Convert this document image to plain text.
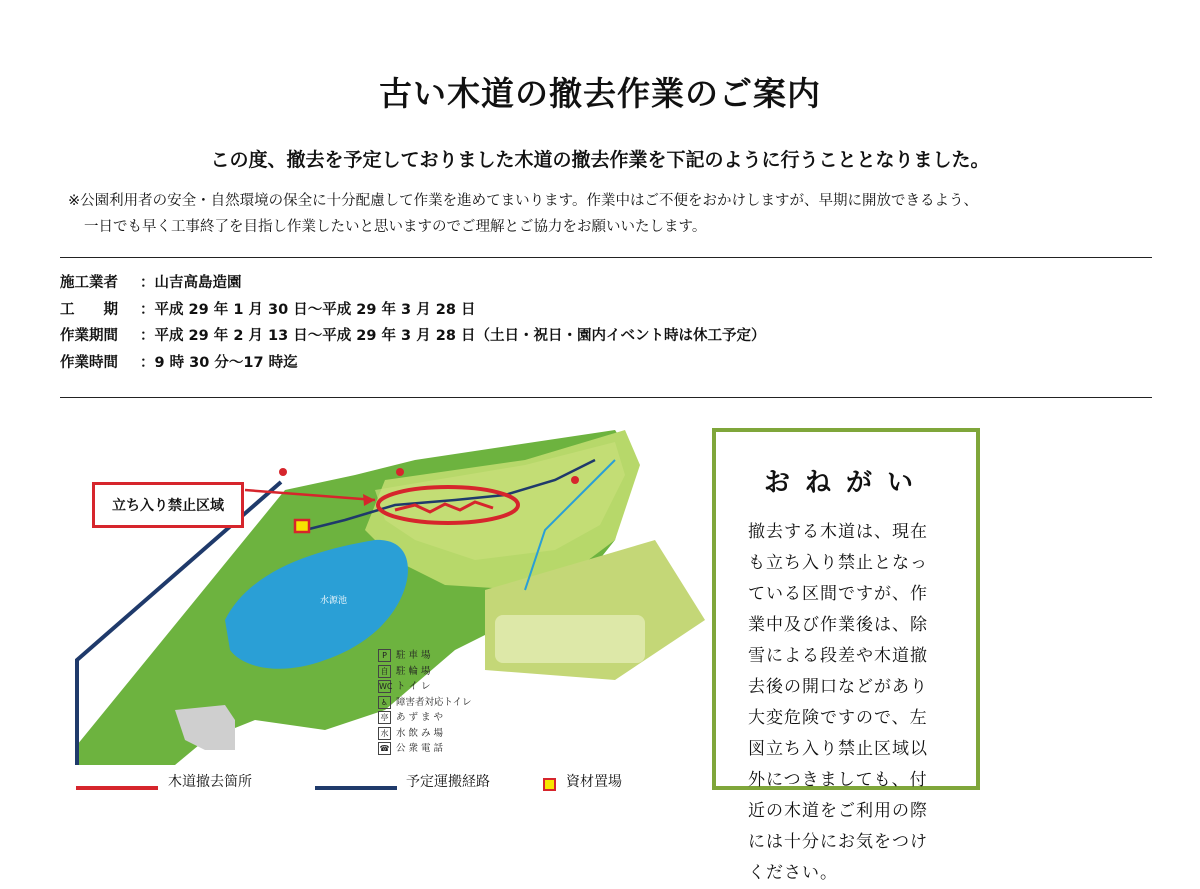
古い木道の撤去作業のご案内
この度、撤去を予定しておりました木道の撤去作業を下記のように行うこととなりました。
※公園利用者の安全・自然環境の保全に十分配慮して作業を進めてまいります。作業中はご不便をおかけしますが、早期に開放できるよう、
一日でも早く工事終了を目指し作業したいと思いますのでご理解とご協力をお願いいたします。
施工業者 ：山吉高島造園
工　　期 ：平成 29 年 1 月 30 日～平成 29 年 3 月 28 日
作業期間 ：平成 29 年 2 月 13 日～平成 29 年 3 月 28 日（土日・祝日・園内イベント時は休工予定）
作業時間 ：9 時 30 分～17 時迄
水源池
立ち入り禁止区域
P 駐 車 場
自 駐 輪 場
WC ト イ レ
♿ 障害者対応トイレ
亭 あ ず ま や
水 水 飲 み 場
☎ 公 衆 電 話
木道撤去箇所	予定運搬経路	資材置場
おねがい
撤去する木道は、現在も立ち入り禁止となっている区間ですが、作業中及び作業後は、除雪による段差や木道撤去後の開口などがあり大変危険ですので、左図立ち入り禁止区域以外につきましても、付近の木道をご利用の際には十分にお気をつけください。
